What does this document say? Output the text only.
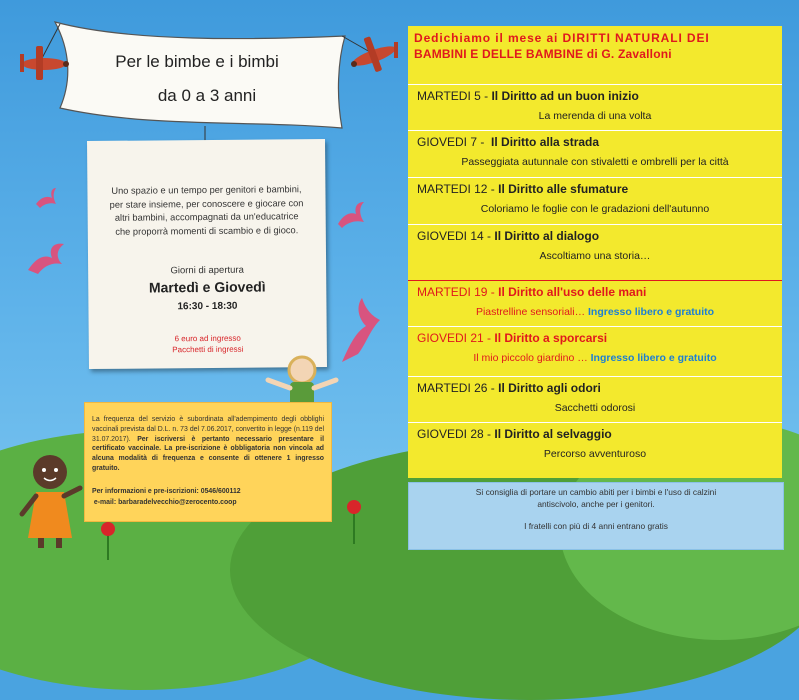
Per le bimbe e i bimbi
da 0 a 3 anni
Uno spazio e un tempo per genitori e bambini, per stare insieme, per conoscere e giocare con altri bambini, accompagnati da un'educatrice che proporrà momenti di scambio e di gioco.
Giorni di apertura
Martedì e Giovedì
16:30 - 18:30
6 euro ad ingresso
Pacchetti di ingressi

La frequenza del servizio è subordinata all'adempimento degli obblighi vaccinali prevista dal D.L. n. 73 del 7.06.2017, convertito in legge (n.119 del 31.07.2017). Per iscriversi è pertanto necessario presentare il certificato vaccinale. La pre-iscrizione è obbligatoria non vincola ad alcuna modalità di frequenza e consente di ottenere 1 ingresso gratuito.

Per informazioni e pre-iscrizioni: 0546/600112

e-mail: barbaradelvecchio@zerocento.coop

Dedichiamo il mese ai DIRITTI NATURALI DEI
BAMBINI E DELLE BAMBINE di G. Zavalloni
MARTEDI 5 - Il Diritto ad un buon inizio
La merenda di una volta
GIOVEDI 7 - Il Diritto alla strada
Passeggiata autunnale con stivaletti e ombrelli per la città
MARTEDI 12 - Il Diritto alle sfumature
Coloriamo le foglie con le gradazioni dell'autunno
GIOVEDI 14 - Il Diritto al dialogo
Ascoltiamo una storia…
MARTEDI 19 - Il Diritto all'uso delle mani
Piastrelline sensoriali… Ingresso libero e gratuito
GIOVEDI 21 - Il Diritto a sporcarsi
Il mio piccolo giardino … Ingresso libero e gratuito
MARTEDI 26 - Il Diritto agli odori
Sacchetti odorosi
GIOVEDI 28 - Il Diritto al selvaggio
Percorso avventuroso

Si consiglia di portare un cambio abiti per i bimbi e l'uso di calzini

antiscivolo, anche per i genitori.

I fratelli con più di 4 anni entrano gratis
